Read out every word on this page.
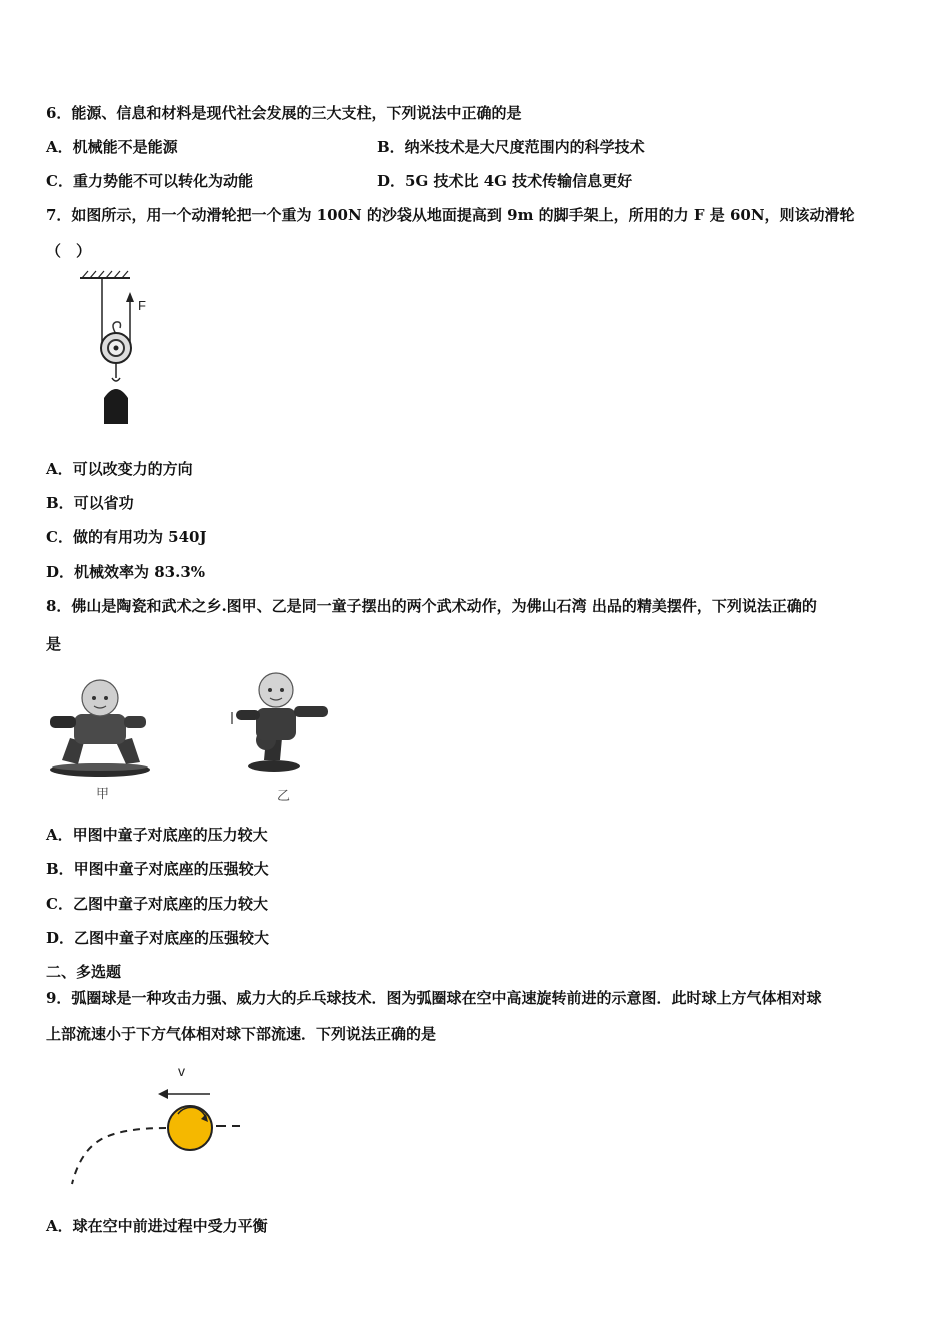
6．能源、信息和材料是现代社会发展的三大支柱，下列说法中正确的是
A．机械能不是能源	B．纳米技术是大尺度范围内的科学技术
C．重力势能不可以转化为动能	D．5G 技术比 4G 技术传输信息更好
7．如图所示，用一个动滑轮把一个重为 100N 的沙袋从地面提高到 9m 的脚手架上，所用的力 F 是 60N，则该动滑轮
（　）
F
A．可以改变力的方向
B．可以省功
C．做的有用功为 540J
D．机械效率为 83.3%
8．佛山是陶瓷和武术之乡.图甲、乙是同一童子摆出的两个武术动作，为佛山石湾 出品的精美摆件，下列说法正确的
是
甲	乙
A．甲图中童子对底座的压力较大
B．甲图中童子对底座的压强较大
C．乙图中童子对底座的压力较大
D．乙图中童子对底座的压强较大
二、多选题
9．弧圈球是一种攻击力强、威力大的乒乓球技术．图为弧圈球在空中高速旋转前进的示意图．此时球上方气体相对球
上部流速小于下方气体相对球下部流速．下列说法正确的是
v
A．球在空中前进过程中受力平衡
